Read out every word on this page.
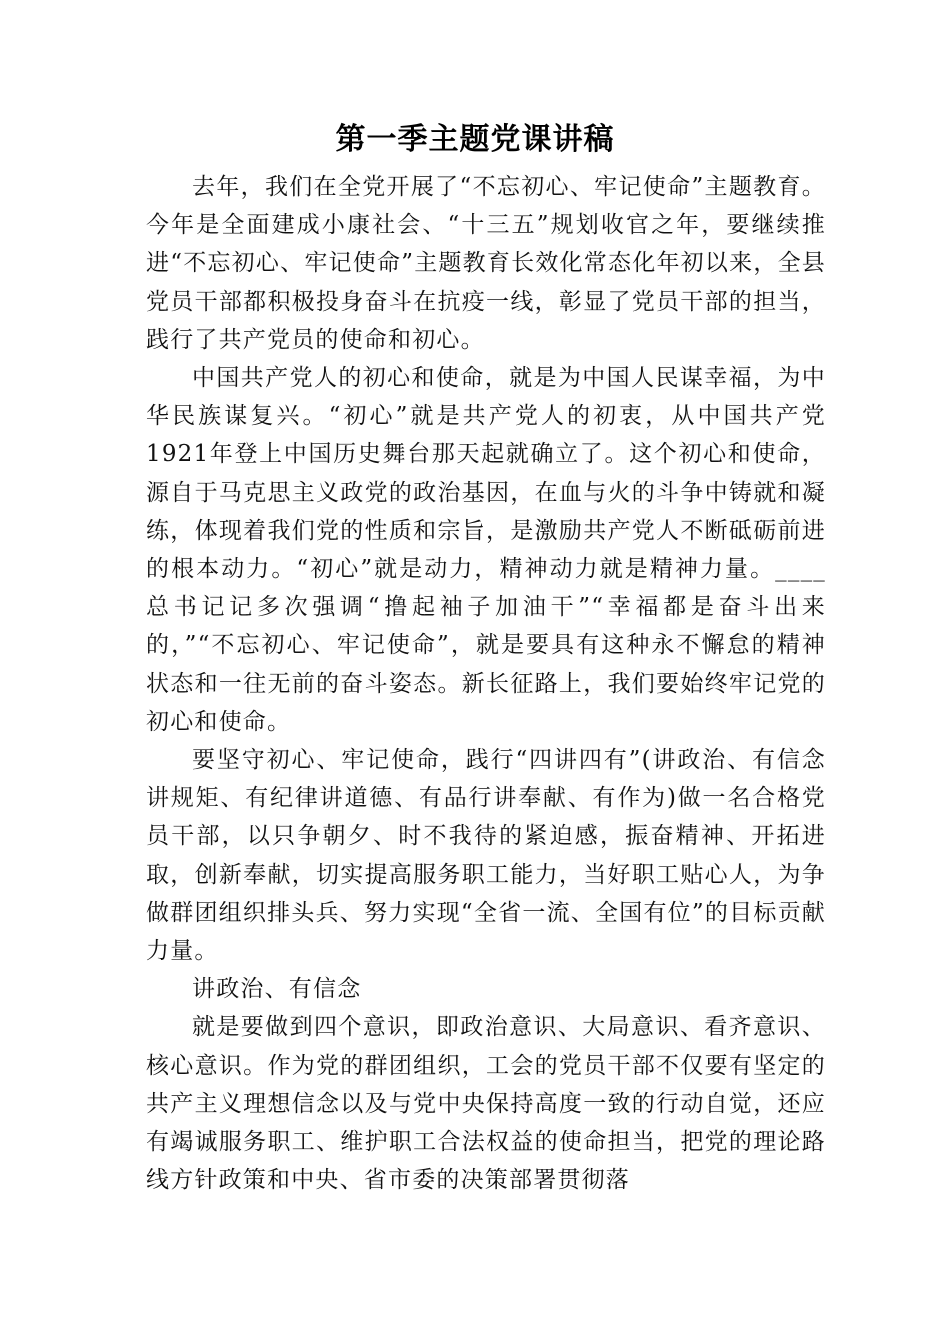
第一季主题党课讲稿

去年，我们在全党开展了“不忘初心、牢记使命”主题教育。今年是全面建成小康社会、“十三五”规划收官之年，要继续推进“不忘初心、牢记使命”主题教育长效化常态化年初以来，全县党员干部都积极投身奋斗在抗疫一线，彰显了党员干部的担当，践行了共产党员的使命和初心。

中国共产党人的初心和使命，就是为中国人民谋幸福，为中华民族谋复兴。“初心”就是共产党人的初衷，从中国共产党1921年登上中国历史舞台那天起就确立了。这个初心和使命，源自于马克思主义政党的政治基因，在血与火的斗争中铸就和凝练，体现着我们党的性质和宗旨，是激励共产党人不断砥砺前进的根本动力。“初心”就是动力，精神动力就是精神力量。____总书记记多次强调“撸起袖子加油干”“幸福都是奋斗出来的，”“不忘初心、牢记使命”，就是要具有这种永不懈怠的精神状态和一往无前的奋斗姿态。新长征路上，我们要始终牢记党的初心和使命。

要坚守初心、牢记使命，践行“四讲四有”(讲政治、有信念讲规矩、有纪律讲道德、有品行讲奉献、有作为)做一名合格党员干部，以只争朝夕、时不我待的紧迫感，振奋精神、开拓进取，创新奉献，切实提高服务职工能力，当好职工贴心人，为争做群团组织排头兵、努力实现“全省一流、全国有位”的目标贡献力量。

讲政治、有信念

就是要做到四个意识，即政治意识、大局意识、看齐意识、核心意识。作为党的群团组织，工会的党员干部不仅要有坚定的共产主义理想信念以及与党中央保持高度一致的行动自觉，还应有竭诚服务职工、维护职工合法权益的使命担当，把党的理论路线方针政策和中央、省市委的决策部署贯彻落
